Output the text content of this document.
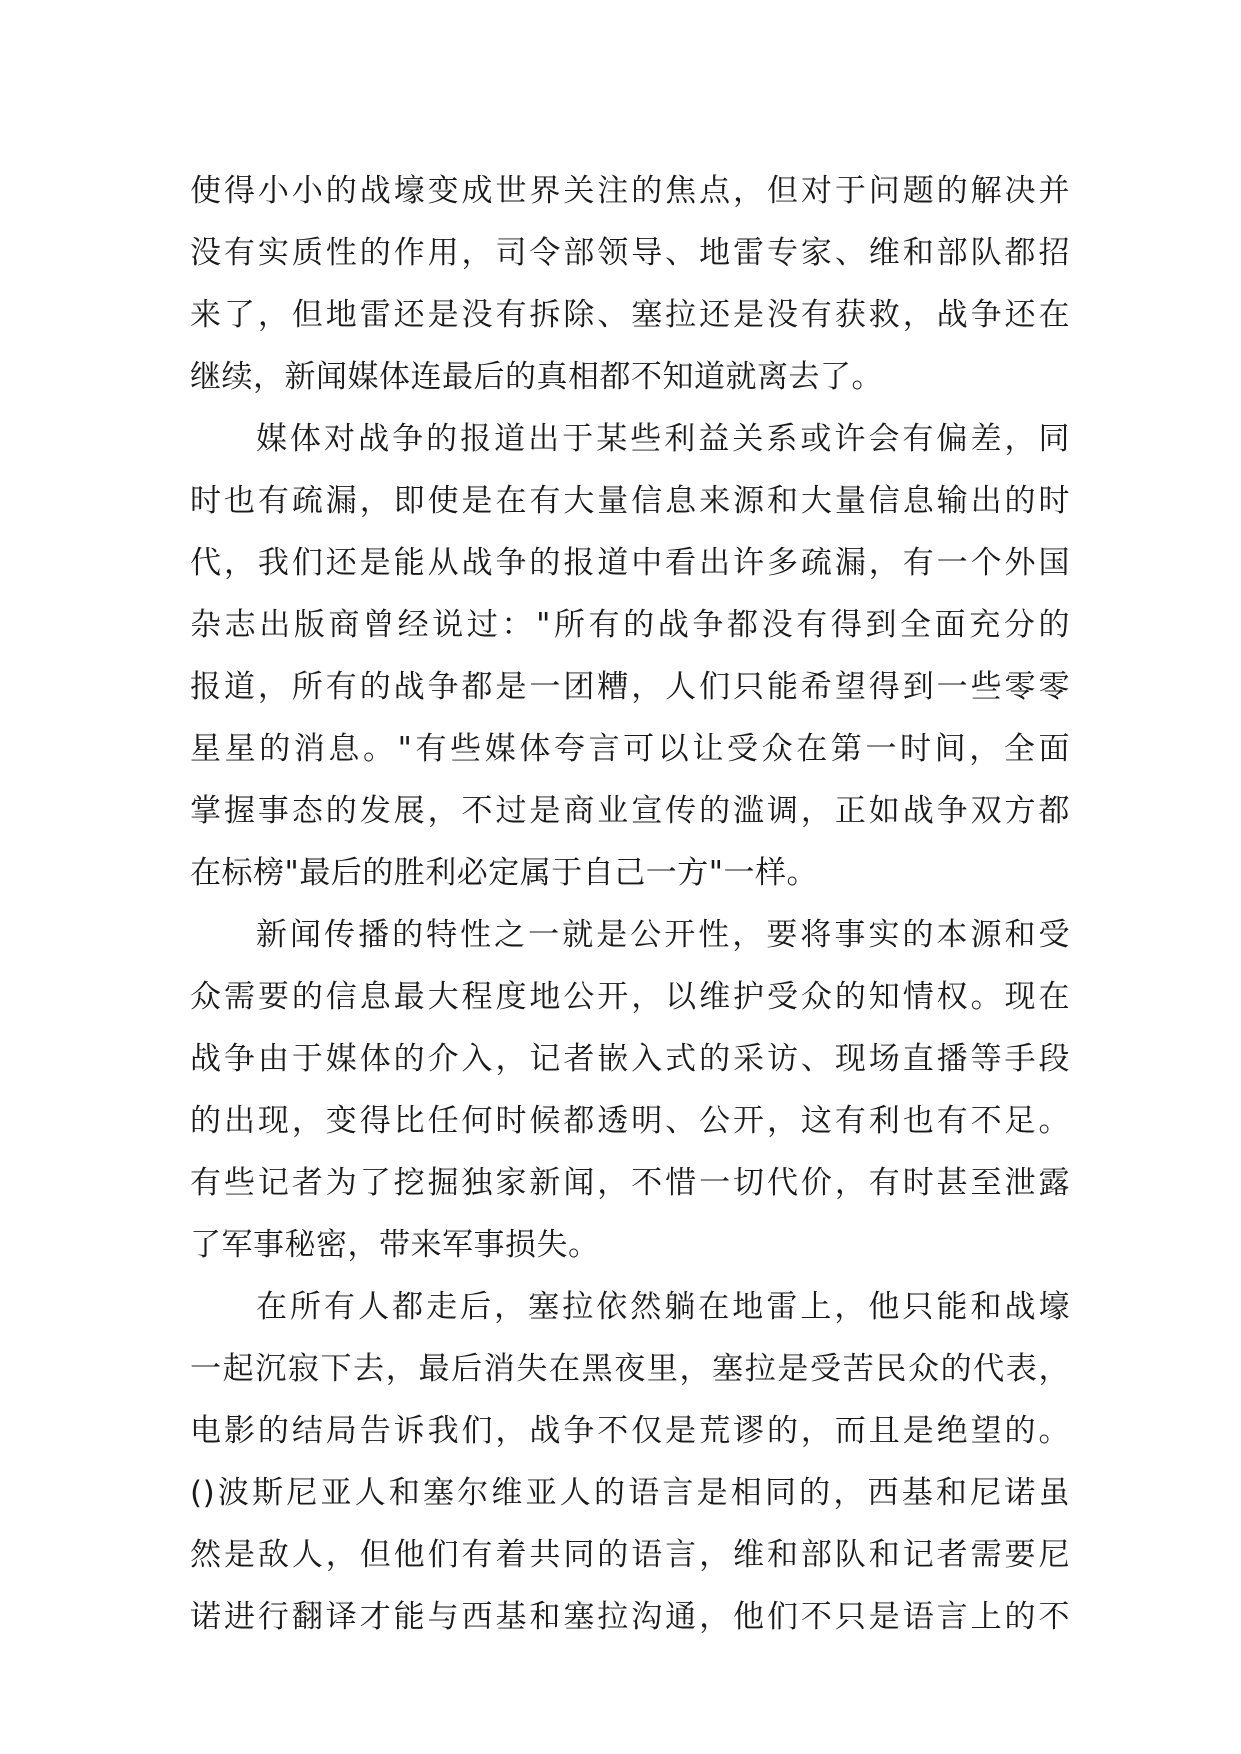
使得小小的战壕变成世界关注的焦点，但对于问题的解决并
没有实质性的作用，司令部领导、地雷专家、维和部队都招
来了，但地雷还是没有拆除、塞拉还是没有获救，战争还在
继续，新闻媒体连最后的真相都不知道就离去了。
媒体对战争的报道出于某些利益关系或许会有偏差，同
时也有疏漏，即使是在有大量信息来源和大量信息输出的时
代，我们还是能从战争的报道中看出许多疏漏，有一个外国
杂志出版商曾经说过："所有的战争都没有得到全面充分的
报道，所有的战争都是一团糟，人们只能希望得到一些零零
星星的消息。"有些媒体夸言可以让受众在第一时间，全面
掌握事态的发展，不过是商业宣传的滥调，正如战争双方都
在标榜"最后的胜利必定属于自己一方"一样。
新闻传播的特性之一就是公开性，要将事实的本源和受
众需要的信息最大程度地公开，以维护受众的知情权。现在
战争由于媒体的介入，记者嵌入式的采访、现场直播等手段
的出现，变得比任何时候都透明、公开，这有利也有不足。
有些记者为了挖掘独家新闻，不惜一切代价，有时甚至泄露
了军事秘密，带来军事损失。
在所有人都走后，塞拉依然躺在地雷上，他只能和战壕
一起沉寂下去，最后消失在黑夜里，塞拉是受苦民众的代表，
电影的结局告诉我们，战争不仅是荒谬的，而且是绝望的。
()波斯尼亚人和塞尔维亚人的语言是相同的，西基和尼诺虽
然是敌人，但他们有着共同的语言，维和部队和记者需要尼
诺进行翻译才能与西基和塞拉沟通，他们不只是语言上的不
